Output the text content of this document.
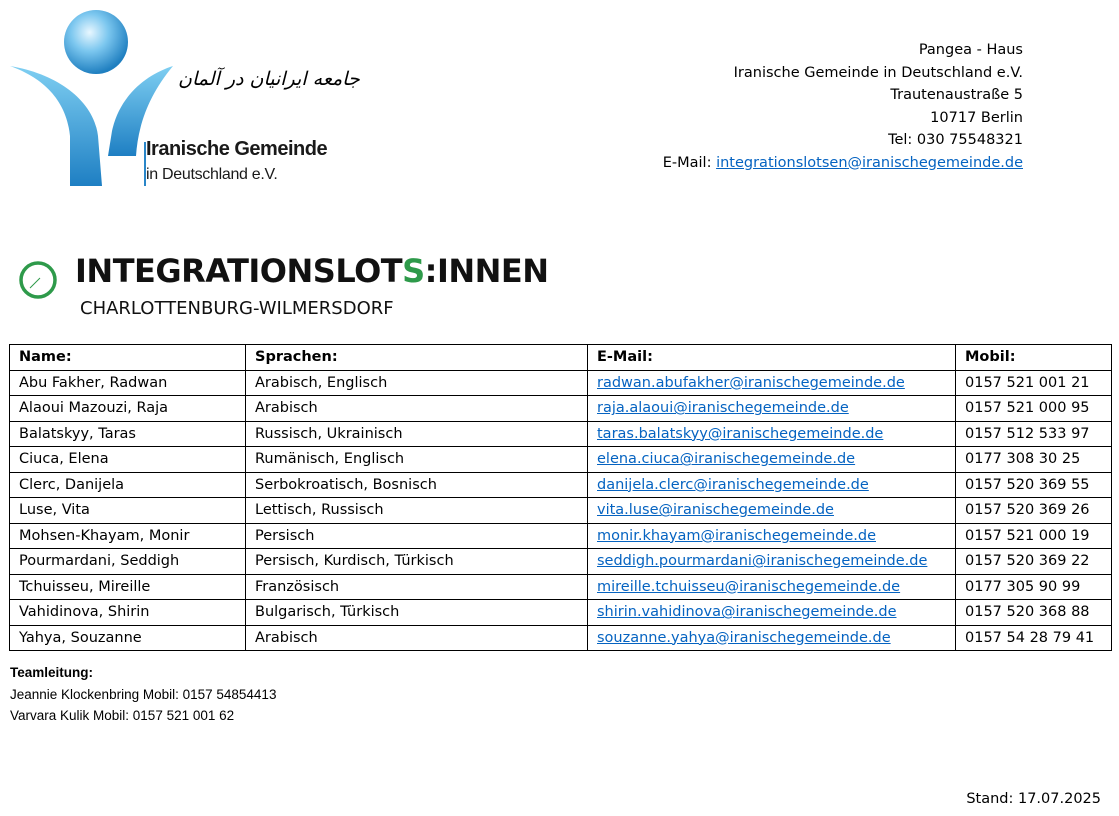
جامعه ایرانیان در آلمان
Iranische Gemeinde
in Deutschland e.V.
Pangea - Haus
Iranische Gemeinde in Deutschland e.V.
Trautenaustraße 5
10717 Berlin
Tel: 030 75548321
E-Mail: integrationslotsen@iranischegemeinde.de
INTEGRATIONSLOTS:INNEN
CHARLOTTENBURG-WILMERSDORF
Name:	Sprachen:	E-Mail:	Mobil:
Abu Fakher, Radwan	Arabisch, Englisch	radwan.abufakher@iranischegemeinde.de	0157 521 001 21
Alaoui Mazouzi, Raja	Arabisch	raja.alaoui@iranischegemeinde.de	0157 521 000 95
Balatskyy, Taras	Russisch, Ukrainisch	taras.balatskyy@iranischegemeinde.de	0157 512 533 97
Ciuca, Elena	Rumänisch, Englisch	elena.ciuca@iranischegemeinde.de	0177 308 30 25
Clerc, Danijela	Serbokroatisch, Bosnisch	danijela.clerc@iranischegemeinde.de	0157 520 369 55
Luse, Vita	Lettisch, Russisch	vita.luse@iranischegemeinde.de	0157 520 369 26
Mohsen-Khayam, Monir	Persisch	monir.khayam@iranischegemeinde.de	0157 521 000 19
Pourmardani, Seddigh	Persisch, Kurdisch, Türkisch	seddigh.pourmardani@iranischegemeinde.de	0157 520 369 22
Tchuisseu, Mireille	Französisch	mireille.tchuisseu@iranischegemeinde.de	0177 305 90 99
Vahidinova, Shirin	Bulgarisch, Türkisch	shirin.vahidinova@iranischegemeinde.de	0157 520 368 88
Yahya, Souzanne	Arabisch	souzanne.yahya@iranischegemeinde.de	0157 54 28 79 41
Teamleitung:
Jeannie Klockenbring Mobil: 0157 54854413
Varvara Kulik Mobil: 0157 521 001 62
Stand: 17.07.2025
